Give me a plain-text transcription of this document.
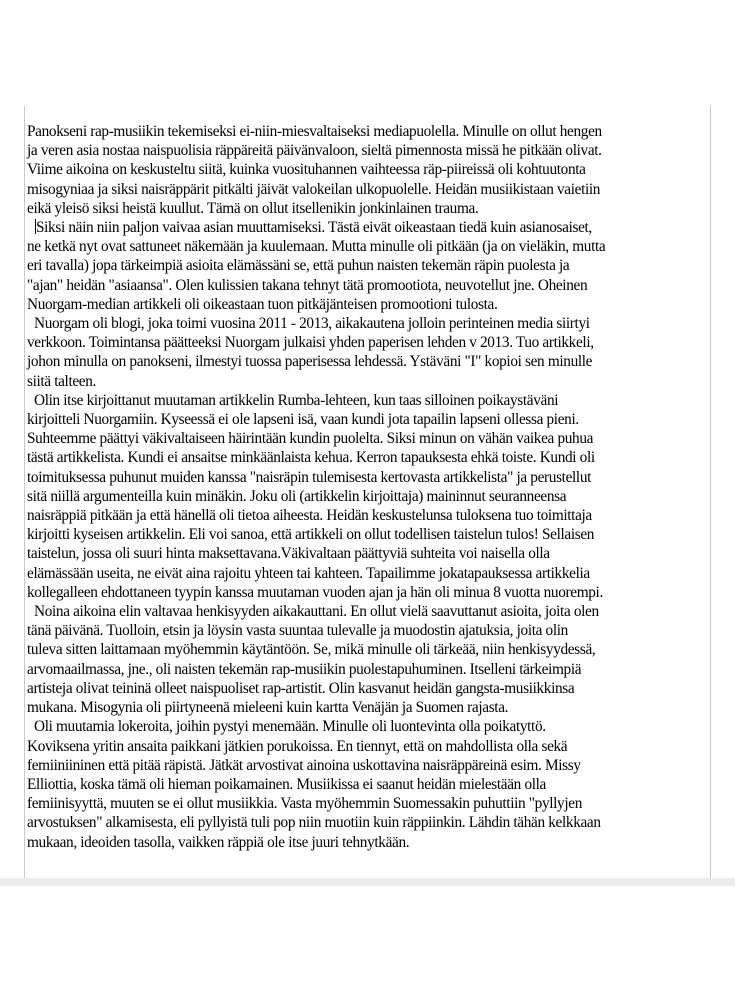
Panokseni rap-musiikin tekemiseksi ei-niin-miesvaltaiseksi mediapuolella. Minulle on ollut hengen
ja veren asia nostaa naispuolisia räppäreitä päivänvaloon, sieltä pimennosta missä he pitkään olivat.
Viime aikoina on keskusteltu siitä, kuinka vuosituhannen vaihteessa räp-piireissä oli kohtuutonta
misogyniaa ja siksi naisräppärit pitkälti jäivät valokeilan ulkopuolelle. Heidän musiikistaan vaietiin
eikä yleisö siksi heistä kuullut. Tämä on ollut itsellenikin jonkinlainen trauma.

Siksi näin niin paljon vaivaa asian muuttamiseksi. Tästä eivät oikeastaan tiedä kuin asianosaiset,
ne ketkä nyt ovat sattuneet näkemään ja kuulemaan. Mutta minulle oli pitkään (ja on vieläkin, mutta
eri tavalla) jopa tärkeimpiä asioita elämässäni se, että puhun naisten tekemän räpin puolesta ja
"ajan" heidän "asiaansa". Olen kulissien takana tehnyt tätä promootiota, neuvotellut jne. Oheinen
Nuorgam-median artikkeli oli oikeastaan tuon pitkäjänteisen promootioni tulosta.

Nuorgam oli blogi, joka toimi vuosina 2011 - 2013, aikakautena jolloin perinteinen media siirtyi
verkkoon. Toimintansa päätteeksi Nuorgam julkaisi yhden paperisen lehden v 2013. Tuo artikkeli,
johon minulla on panokseni, ilmestyi tuossa paperisessa lehdessä. Ystäväni "I" kopioi sen minulle
siitä talteen.

Olin itse kirjoittanut muutaman artikkelin Rumba-lehteen, kun taas silloinen poikaystäväni
kirjoitteli Nuorgamiin. Kyseessä ei ole lapseni isä, vaan kundi jota tapailin lapseni ollessa pieni.
Suhteemme päättyi väkivaltaiseen häirintään kundin puolelta. Siksi minun on vähän vaikea puhua
tästä artikkelista. Kundi ei ansaitse minkäänlaista kehua. Kerron tapauksesta ehkä toiste. Kundi oli
toimituksessa puhunut muiden kanssa "naisräpin tulemisesta kertovasta artikkelista" ja perustellut
sitä niillä argumenteilla kuin minäkin. Joku oli (artikkelin kirjoittaja) maininnut seuranneensa
naisräppiä pitkään ja että hänellä oli tietoa aiheesta. Heidän keskustelunsa tuloksena tuo toimittaja
kirjoitti kyseisen artikkelin. Eli voi sanoa, että artikkeli on ollut todellisen taistelun tulos! Sellaisen
taistelun, jossa oli suuri hinta maksettavana.Väkivaltaan päättyviä suhteita voi naisella olla
elämässään useita, ne eivät aina rajoitu yhteen tai kahteen. Tapailimme jokatapauksessa artikkelia
kollegalleen ehdottaneen tyypin kanssa muutaman vuoden ajan ja hän oli minua 8 vuotta nuorempi.

Noina aikoina elin valtavaa henkisyyden aikakauttani. En ollut vielä saavuttanut asioita, joita olen
tänä päivänä. Tuolloin, etsin ja löysin vasta suuntaa tulevalle ja muodostin ajatuksia, joita olin
tuleva sitten laittamaan myöhemmin käytäntöön. Se, mikä minulle oli tärkeää, niin henkisyydessä,
arvomaailmassa, jne., oli naisten tekemän rap-musiikin puolestapuhuminen. Itselleni tärkeimpiä
artisteja olivat teininä olleet naispuoliset rap-artistit. Olin kasvanut heidän gangsta-musiikkinsa
mukana. Misogynia oli piirtyneenä mieleeni kuin kartta Venäjän ja Suomen rajasta.

Oli muutamia lokeroita, joihin pystyi menemään. Minulle oli luontevinta olla poikatyttö.
Koviksena yritin ansaita paikkani jätkien porukoissa. En tiennyt, että on mahdollista olla sekä
femiiniininen että pitää räpistä. Jätkät arvostivat ainoina uskottavina naisräppäreinä esim. Missy
Elliottia, koska tämä oli hieman poikamainen. Musiikissa ei saanut heidän mielestään olla
femiinisyyttä, muuten se ei ollut musiikkia. Vasta myöhemmin Suomessakin puhuttiin "pyllyjen
arvostuksen" alkamisesta, eli pyllyistä tuli pop niin muotiin kuin räppiinkin. Lähdin tähän kelkkaan
mukaan, ideoiden tasolla, vaikken räppiä ole itse juuri tehnytkään.
